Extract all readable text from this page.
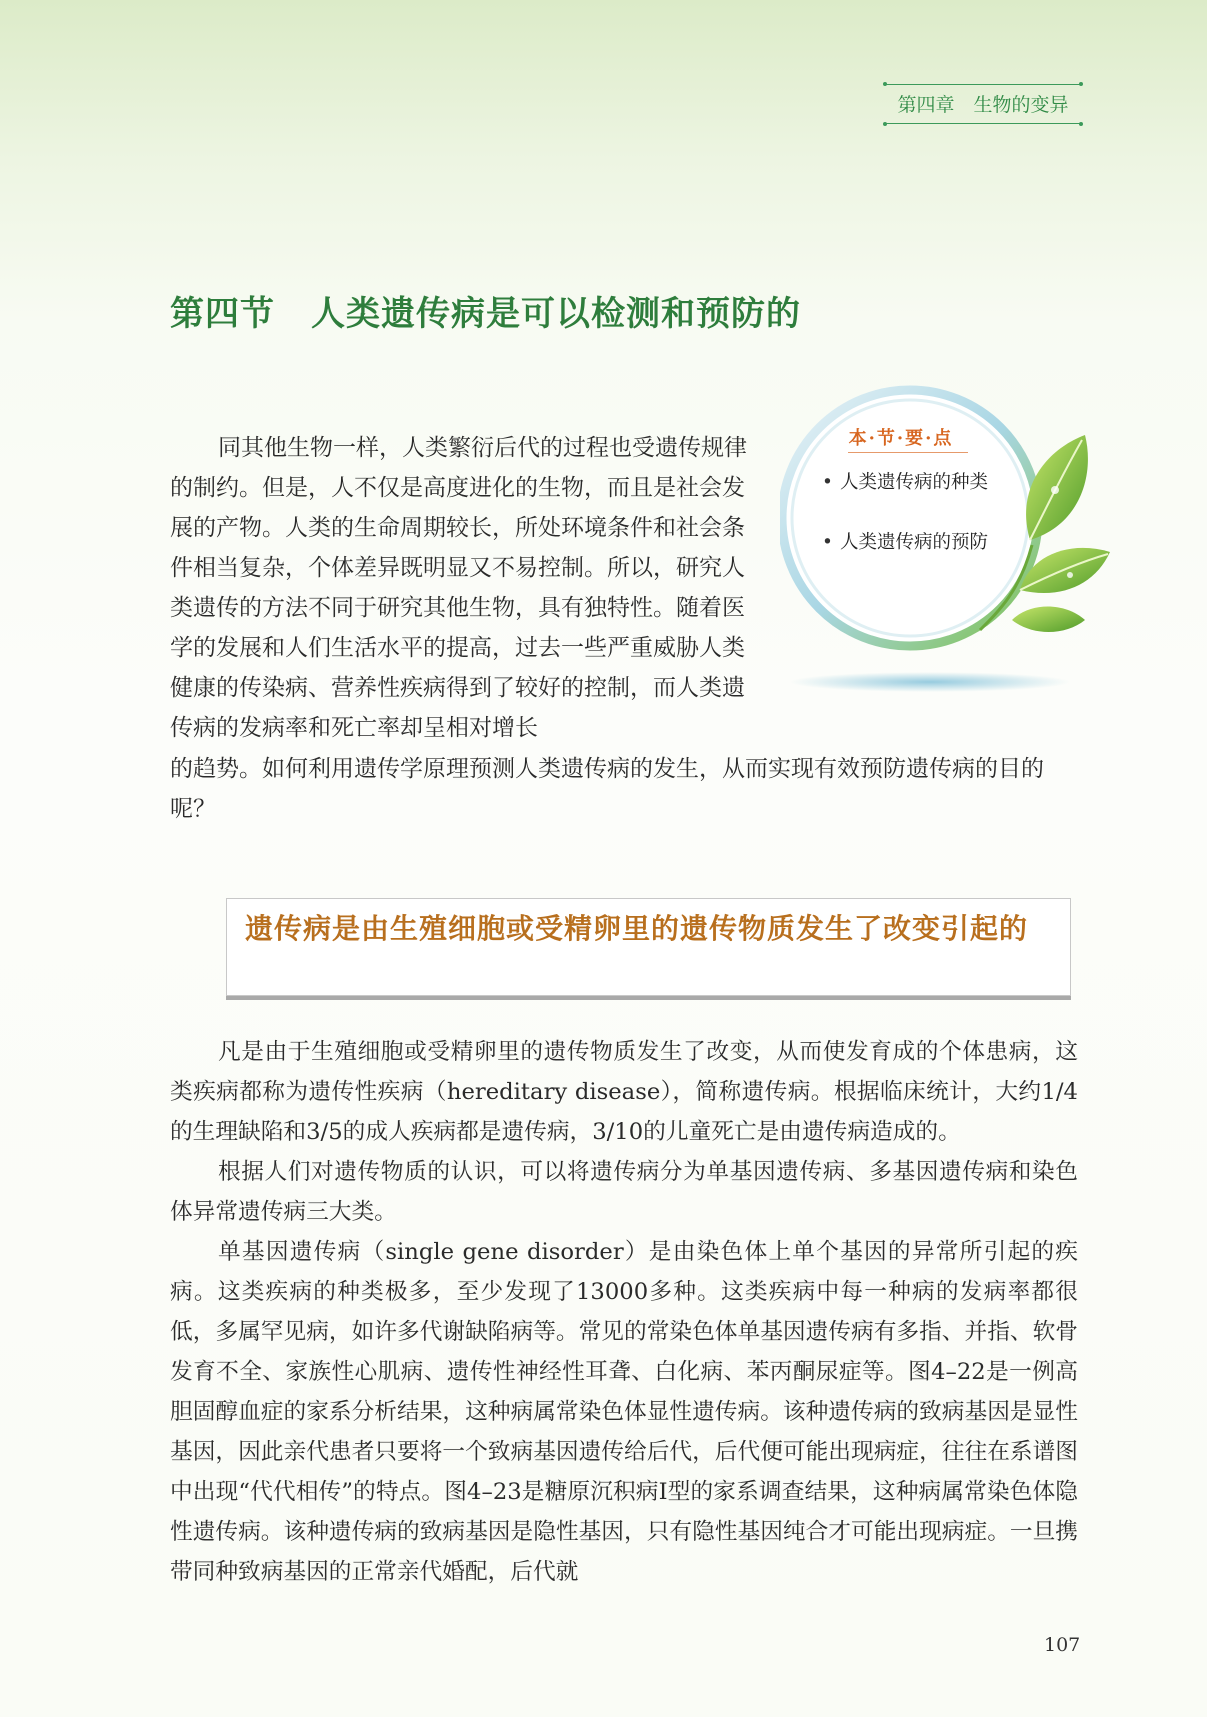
第四章　生物的变异
第四节 人类遗传病是可以检测和预防的

同其他生物一样，人类繁衍后代的过程也受遗传规律的制约。但是，人不仅是高度进化的生物，而且是社会发展的产物。人类的生命周期较长，所处环境条件和社会条件相当复杂，个体差异既明显又不易控制。所以，研究人类遗传的方法不同于研究其他生物，具有独特性。随着医学的发展和人们生活水平的提高，过去一些严重威胁人类健康的传染病、营养性疾病得到了较好的控制，而人类遗传病的发病率和死亡率却呈相对增长

的趋势。如何利用遗传学原理预测人类遗传病的发生，从而实现有效预防遗传病的目的呢？

本·节·要·点

• 人类遗传病的种类

• 人类遗传病的预防

遗传病是由生殖细胞或受精卵里的遗传物质发生了改变引起的

凡是由于生殖细胞或受精卵里的遗传物质发生了改变，从而使发育成的个体患病，这类疾病都称为遗传性疾病（hereditary disease），简称遗传病。根据临床统计，大约1/4的生理缺陷和3/5的成人疾病都是遗传病，3/10的儿童死亡是由遗传病造成的。

根据人们对遗传物质的认识，可以将遗传病分为单基因遗传病、多基因遗传病和染色体异常遗传病三大类。

单基因遗传病（single gene disorder）是由染色体上单个基因的异常所引起的疾病。这类疾病的种类极多，至少发现了13000多种。这类疾病中每一种病的发病率都很低，多属罕见病，如许多代谢缺陷病等。常见的常染色体单基因遗传病有多指、并指、软骨发育不全、家族性心肌病、遗传性神经性耳聋、白化病、苯丙酮尿症等。图4–22是一例高胆固醇血症的家系分析结果，这种病属常染色体显性遗传病。该种遗传病的致病基因是显性基因，因此亲代患者只要将一个致病基因遗传给后代，后代便可能出现病症，往往在系谱图中出现“代代相传”的特点。图4–23是糖原沉积病Ⅰ型的家系调查结果，这种病属常染色体隐性遗传病。该种遗传病的致病基因是隐性基因，只有隐性基因纯合才可能出现病症。一旦携带同种致病基因的正常亲代婚配，后代就

107
